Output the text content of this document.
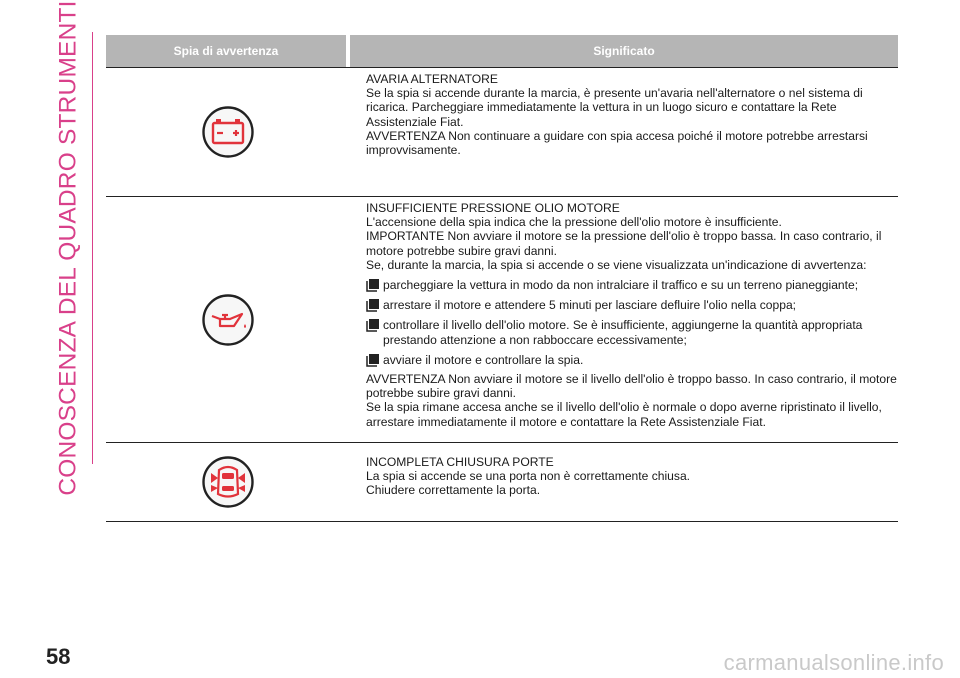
CONOSCENZA DEL QUADRO STRUMENTI	Spia di avvertenza	Significato

AVARIA ALTERNATORE

Se la spia si accende durante la marcia, è presente un'avaria nell'alternatore o nel sistema di ricarica. Parcheggiare immediatamente la vettura in un luogo sicuro e contattare la Rete Assistenziale Fiat.

AVVERTENZA Non continuare a guidare con spia accesa poiché il motore potrebbe arrestarsi improvvisamente.

INSUFFICIENTE PRESSIONE OLIO MOTORE

L'accensione della spia indica che la pressione dell'olio motore è insufficiente.

IMPORTANTE Non avviare il motore se la pressione dell'olio è troppo bassa. In caso contrario, il motore potrebbe subire gravi danni.

Se, durante la marcia, la spia si accende o se viene visualizzata un'indicazione di avvertenza:

parcheggiare la vettura in modo da non intralciare il traffico e su un terreno pianeggiante;

arrestare il motore e attendere 5 minuti per lasciare defluire l'olio nella coppa;

controllare il livello dell'olio motore. Se è insufficiente, aggiungerne la quantità appropriata prestando attenzione a non rabboccare eccessivamente;

avviare il motore e controllare la spia.

AVVERTENZA Non avviare il motore se il livello dell'olio è troppo basso. In caso contrario, il motore potrebbe subire gravi danni.

Se la spia rimane accesa anche se il livello dell'olio è normale o dopo averne ripristinato il livello, arrestare immediatamente il motore e contattare la Rete Assistenziale Fiat.

INCOMPLETA CHIUSURA PORTE

La spia si accende se una porta non è correttamente chiusa.

Chiudere correttamente la porta.

58	carmanualsonline.info
